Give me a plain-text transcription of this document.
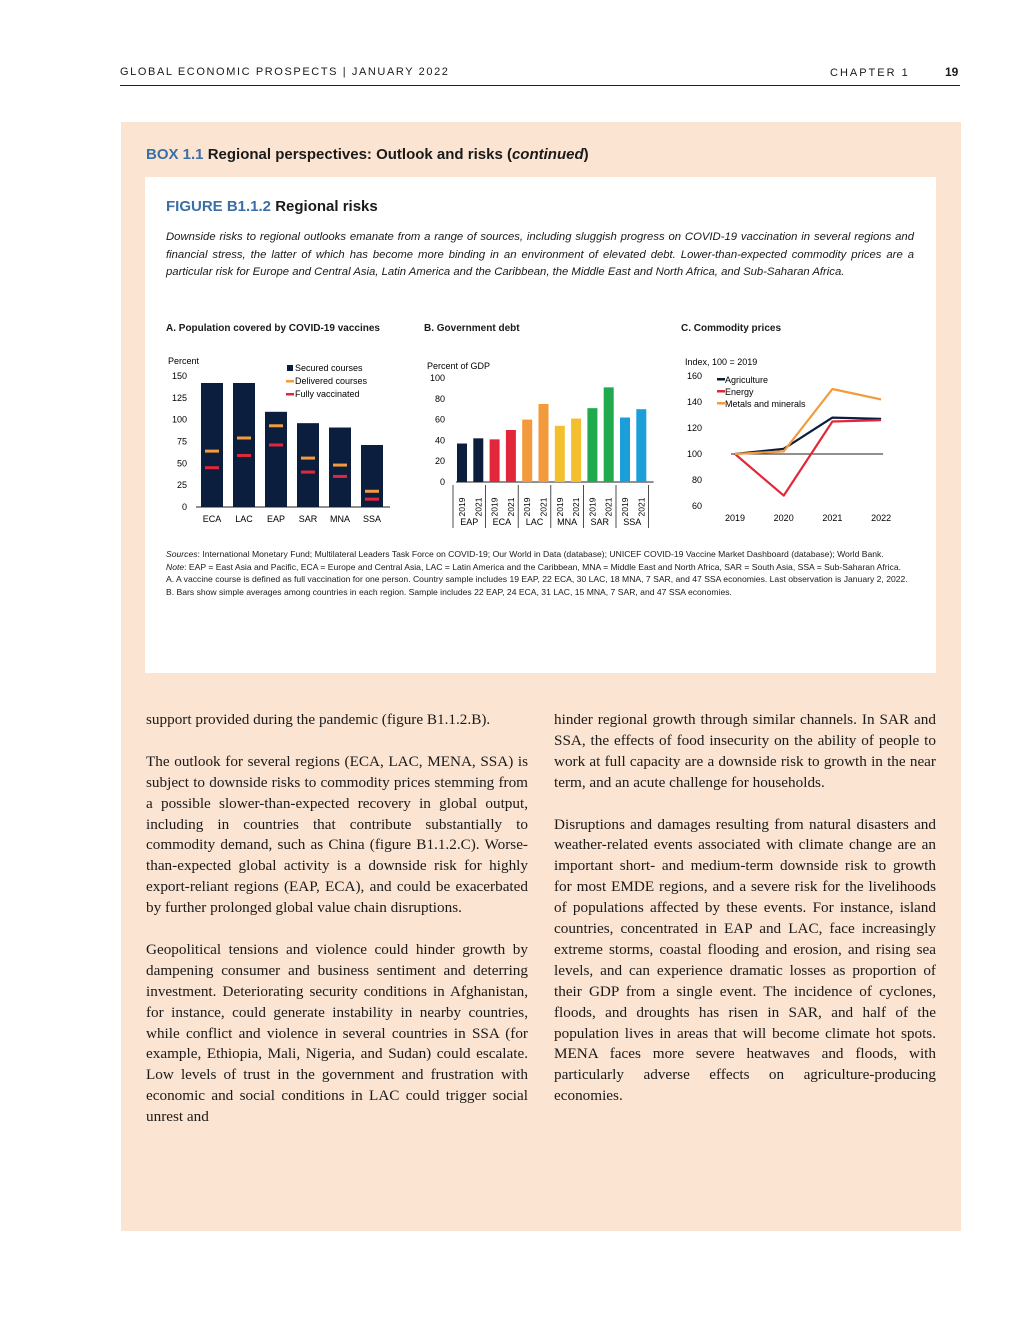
GLOBAL ECONOMIC PROSPECTS | JANUARY 2022	CHAPTER 1	19
BOX 1.1 Regional perspectives: Outlook and risks (continued)
FIGURE B1.1.2 Regional risks
Downside risks to regional outlooks emanate from a range of sources, including sluggish progress on COVID-19 vaccination in several regions and financial stress, the latter of which has become more binding in an environment of elevated debt. Lower-than-expected commodity prices are a particular risk for Europe and Central Asia, Latin America and the Caribbean, the Middle East and North Africa, and Sub-Saharan Africa.
A. Population covered by COVID-19 vaccines	B. Government debt	C. Commodity prices
Percent
0
25
50
75
100
125
150
ECA LAC EAP SAR MNA SSA
Secured courses
Delivered courses
Fully vaccinated
Percent of GDP
0
20
40
60
80
100
2019 2021 2019 2021 2019 2021 2019 2021 2019 2021 2019 2021
EAP ECA LAC MNA SAR SSA
Index, 100 = 2019
60
80
100
120
140
160
2019	2020	2021	2022
Agriculture
Energy
Metals and minerals

Sources: International Monetary Fund; Multilateral Leaders Task Force on COVID-19; Our World in Data (database); UNICEF COVID-19 Vaccine Market Dashboard (database); World Bank.

Note: EAP = East Asia and Pacific, ECA = Europe and Central Asia, LAC = Latin America and the Caribbean, MNA = Middle East and North Africa, SAR = South Asia, SSA = Sub-Saharan Africa.

A. A vaccine course is defined as full vaccination for one person. Country sample includes 19 EAP, 22 ECA, 30 LAC, 18 MNA, 7 SAR, and 47 SSA economies. Last observation is January 2, 2022.

B. Bars show simple averages among countries in each region. Sample includes 22 EAP, 24 ECA, 31 LAC, 15 MNA, 7 SAR, and 47 SSA economies.

support provided during the pandemic (figure B1.1.2.B).

The outlook for several regions (ECA, LAC, MENA, SSA) is subject to downside risks to commodity prices stemming from a possible slower-than-expected recovery in global output, including in countries that contribute substantially to commodity demand, such as China (figure B1.1.2.C). Worse-than-expected global activity is a downside risk for highly export-reliant regions (EAP, ECA), and could be exacerbated by further prolonged global value chain disruptions.

Geopolitical tensions and violence could hinder growth by dampening consumer and business sentiment and deterring investment. Deteriorating security conditions in Afghanistan, for instance, could generate instability in nearby countries, while conflict and violence in several countries in SSA (for example, Ethiopia, Mali, Nigeria, and Sudan) could escalate. Low levels of trust in the government and frustration with economic and social conditions in LAC could trigger social unrest and

hinder regional growth through similar channels. In SAR and SSA, the effects of food insecurity on the ability of people to work at full capacity are a downside risk to growth in the near term, and an acute challenge for households.

Disruptions and damages resulting from natural disasters and weather-related events associated with climate change are an important short- and medium-term downside risk to growth for most EMDE regions, and a severe risk for the livelihoods of populations affected by these events. For instance, island countries, concentrated in EAP and LAC, face increasingly extreme storms, coastal flooding and erosion, and rising sea levels, and can experience dramatic losses as proportion of their GDP from a single event. The incidence of cyclones, floods, and droughts has risen in SAR, and half of the population lives in areas that will become climate hot spots. MENA faces more severe heatwaves and floods, with particularly adverse effects on agriculture-producing economies.
